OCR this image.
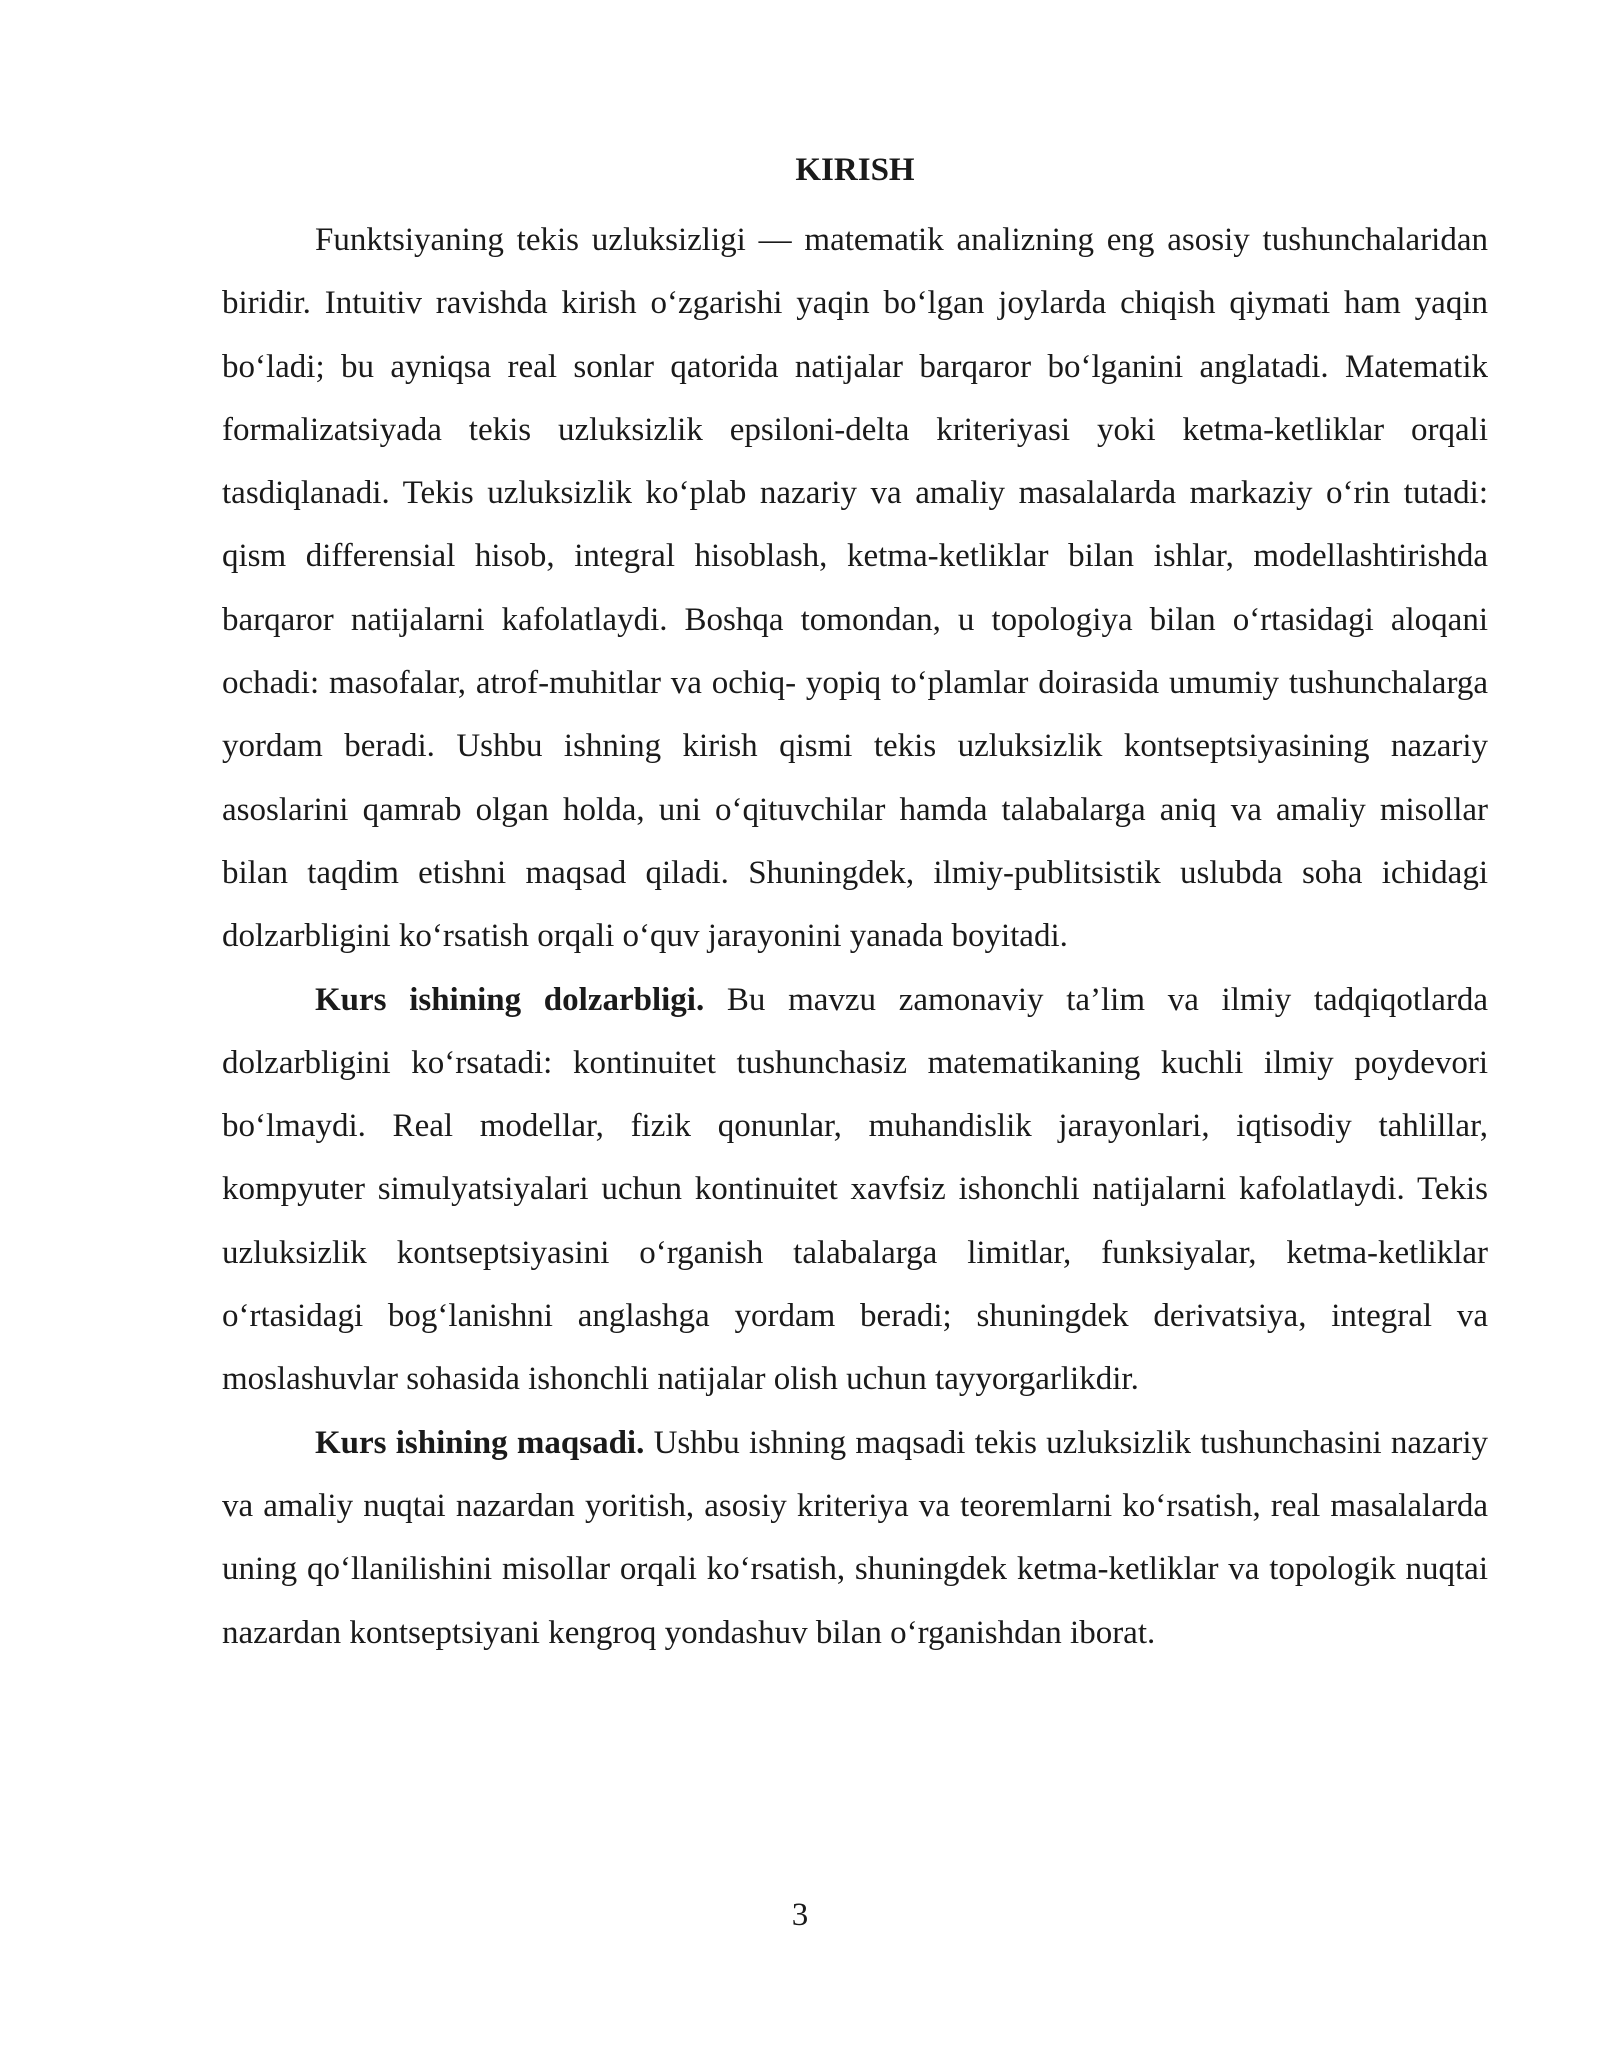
KIRISH

Funktsiyaning tekis uzluksizligi — matematik analizning eng asosiy tushunchalaridan biridir. Intuitiv ravishda kirish o‘zgarishi yaqin bo‘lgan joylarda chiqish qiymati ham yaqin bo‘ladi; bu ayniqsa real sonlar qatorida natijalar barqaror bo‘lganini anglatadi. Matematik formalizatsiyada tekis uzluksizlik epsiloni-delta kriteriyasi yoki ketma-ketliklar orqali tasdiqlanadi. Tekis uzluksizlik ko‘plab nazariy va amaliy masalalarda markaziy o‘rin tutadi: qism differensial hisob, integral hisoblash, ketma-ketliklar bilan ishlar, modellashtirishda barqaror natijalarni kafolatlaydi. Boshqa tomondan, u topologiya bilan o‘rtasidagi aloqani ochadi: masofalar, atrof-muhitlar va ochiq- yopiq to‘plamlar doirasida umumiy tushunchalarga yordam beradi. Ushbu ishning kirish qismi tekis uzluksizlik kontseptsiyasining nazariy asoslarini qamrab olgan holda, uni o‘qituvchilar hamda talabalarga aniq va amaliy misollar bilan taqdim etishni maqsad qiladi. Shuningdek, ilmiy-publitsistik uslubda soha ichidagi dolzarbligini ko‘rsatish orqali o‘quv jarayonini yanada boyitadi.

Kurs ishining dolzarbligi. Bu mavzu zamonaviy ta’lim va ilmiy tadqiqotlarda dolzarbligini ko‘rsatadi: kontinuitet tushunchasiz matematikaning kuchli ilmiy poydevori bo‘lmaydi. Real modellar, fizik qonunlar, muhandislik jarayonlari, iqtisodiy tahlillar, kompyuter simulyatsiyalari uchun kontinuitet xavfsiz ishonchli natijalarni kafolatlaydi. Tekis uzluksizlik kontseptsiyasini o‘rganish talabalarga limitlar, funksiyalar, ketma-ketliklar o‘rtasidagi bog‘lanishni anglashga yordam beradi; shuningdek derivatsiya, integral va moslashuvlar sohasida ishonchli natijalar olish uchun tayyorgarlikdir.

Kurs ishining maqsadi. Ushbu ishning maqsadi tekis uzluksizlik tushunchasini nazariy va amaliy nuqtai nazardan yoritish, asosiy kriteriya va teoremlarni ko‘rsatish, real masalalarda uning qo‘llanilishini misollar orqali ko‘rsatish, shuningdek ketma-ketliklar va topologik nuqtai nazardan kontseptsiyani kengroq yondashuv bilan o‘rganishdan iborat.

3
